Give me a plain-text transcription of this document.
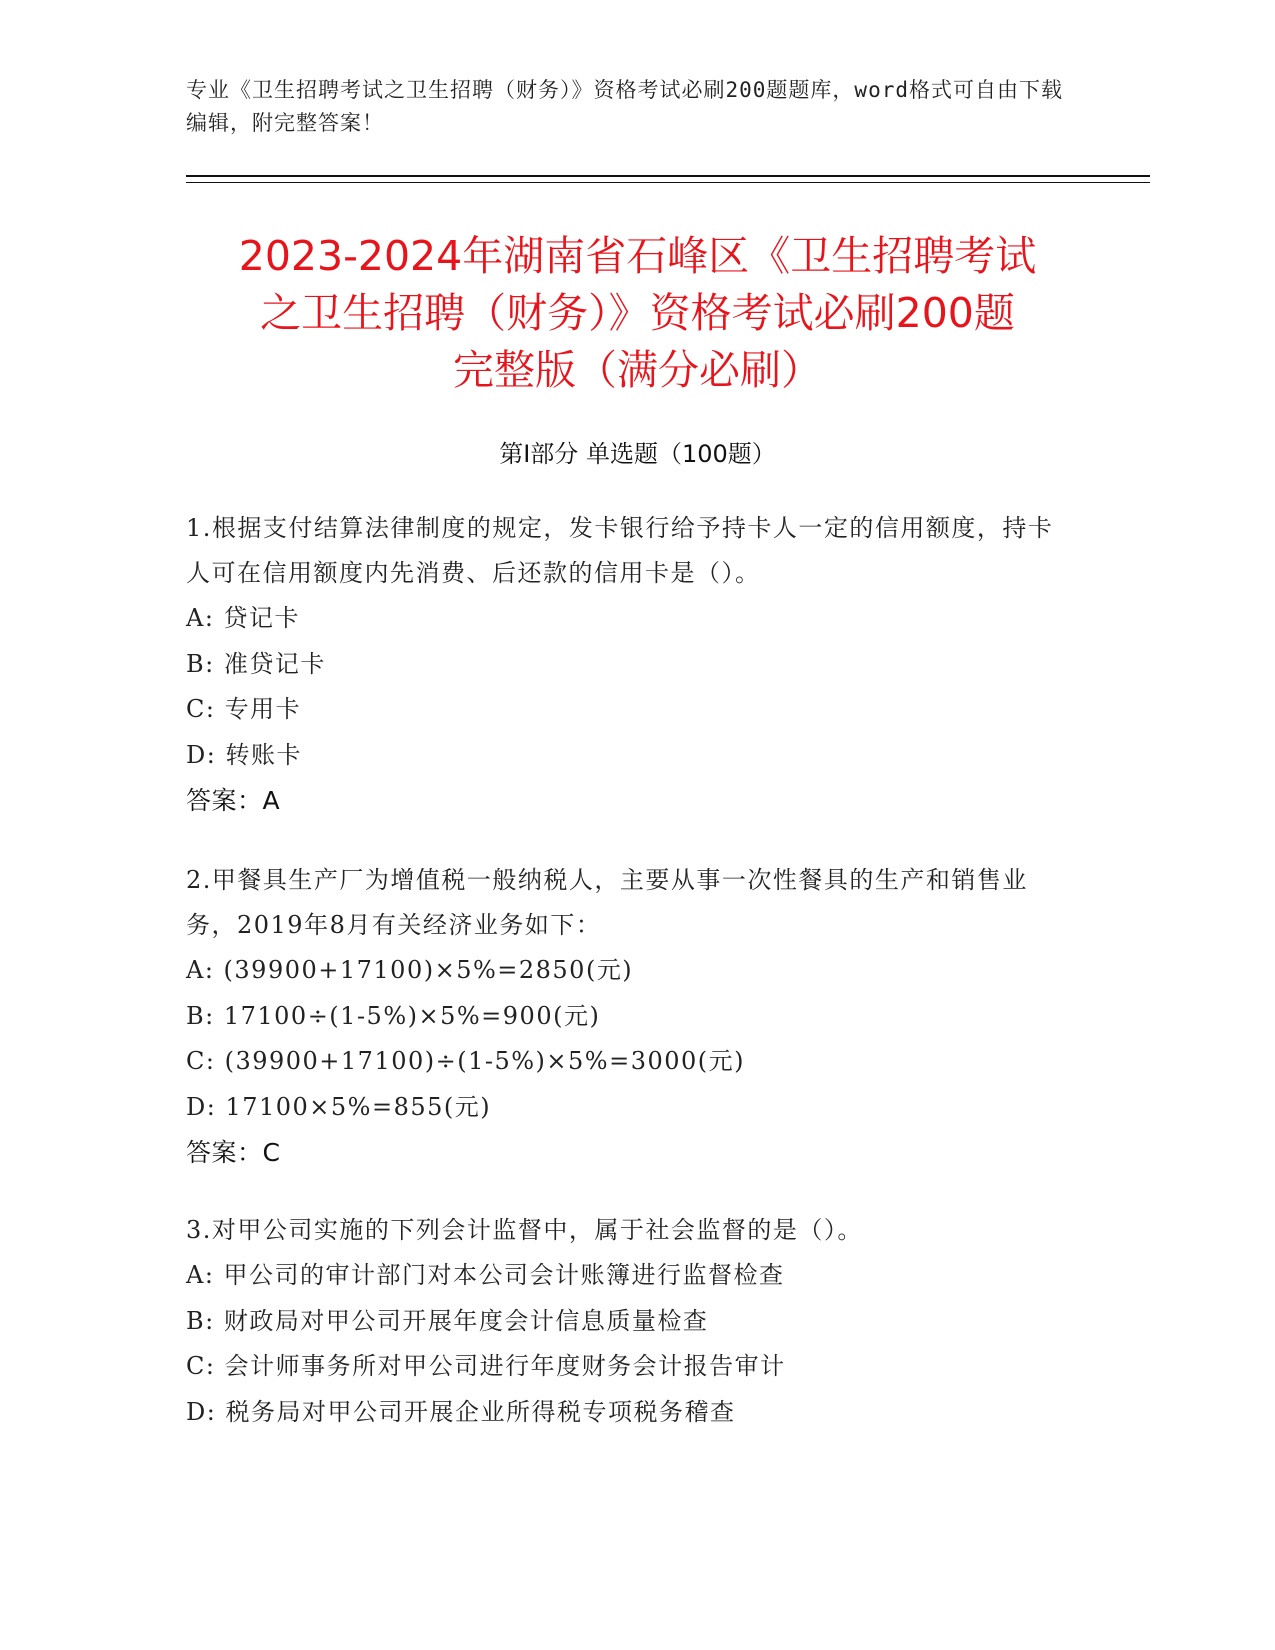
专业《卫生招聘考试之卫生招聘（财务）》资格考试必刷200题题库，word格式可自由下载编辑，附完整答案！
2023-2024年湖南省石峰区《卫生招聘考试
之卫生招聘（财务）》资格考试必刷200题
完整版（满分必刷）
第Ⅰ部分 单选题（100题）

1.根据支付结算法律制度的规定，发卡银行给予持卡人一定的信用额度，持卡人可在信用额度内先消费、后还款的信用卡是（）。

A: 贷记卡

B: 准贷记卡

C: 专用卡

D: 转账卡

答案：A

2.甲餐具生产厂为增值税一般纳税人，主要从事一次性餐具的生产和销售业务，2019年8月有关经济业务如下：

A: (39900+17100)×5%=2850(元)

B: 17100÷(1-5%)×5%=900(元)

C: (39900+17100)÷(1-5%)×5%=3000(元)

D: 17100×5%=855(元)

答案：C

3.对甲公司实施的下列会计监督中，属于社会监督的是（）。

A: 甲公司的审计部门对本公司会计账簿进行监督检查

B: 财政局对甲公司开展年度会计信息质量检查

C: 会计师事务所对甲公司进行年度财务会计报告审计

D: 税务局对甲公司开展企业所得税专项税务稽查
